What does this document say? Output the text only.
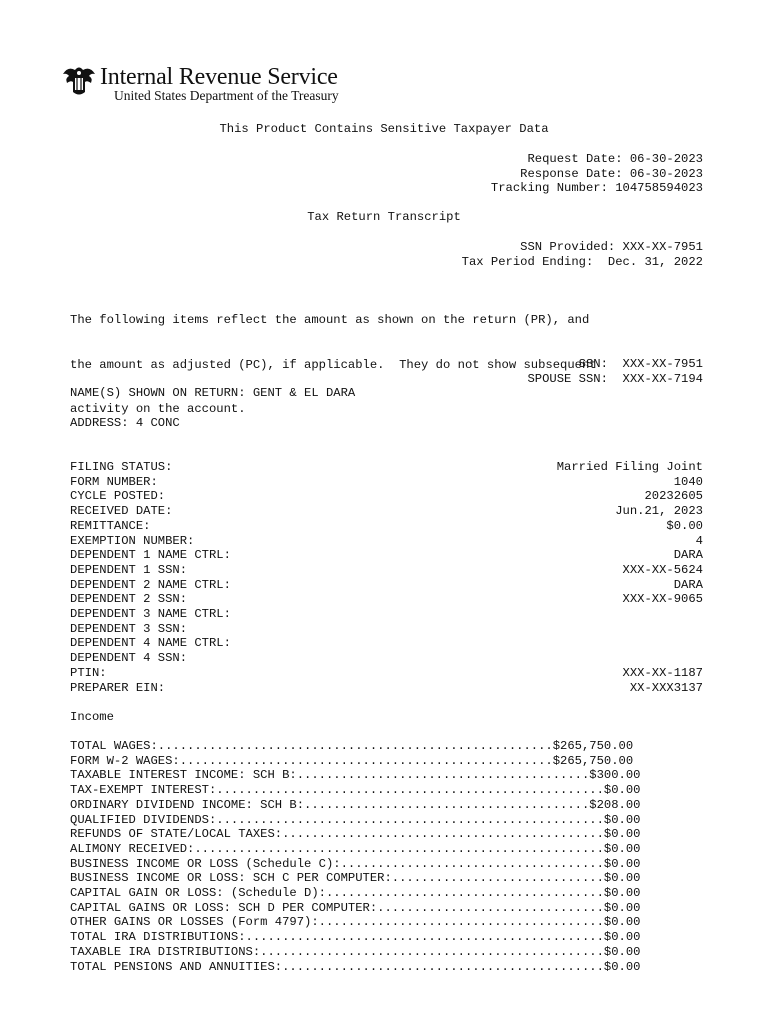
Internal Revenue Service
United States Department of the Treasury
This Product Contains Sensitive Taxpayer Data
Request Date: 06-30-2023
Response Date: 06-30-2023
Tracking Number: 104758594023
Tax Return Transcript
SSN Provided: XXX-XX-7951
Tax Period Ending:  Dec. 31, 2022

The following items reflect the amount as shown on the return (PR), and

the amount as adjusted (PC), if applicable.  They do not show subsequent

activity on the account.

SSN:  XXX-XX-7951
SPOUSE SSN:  XXX-XX-7194
NAME(S) SHOWN ON RETURN: GENT & EL DARA
ADDRESS: 4 CONC
FILING STATUS:	Married Filing Joint
FORM NUMBER:	1040
CYCLE POSTED:	20232605
RECEIVED DATE:	Jun.21, 2023
REMITTANCE:	$0.00
EXEMPTION NUMBER:	4
DEPENDENT 1 NAME CTRL:	DARA
DEPENDENT 1 SSN:	XXX-XX-5624
DEPENDENT 2 NAME CTRL:	DARA
DEPENDENT 2 SSN:	XXX-XX-9065
DEPENDENT 3 NAME CTRL:
DEPENDENT 3 SSN:
DEPENDENT 4 NAME CTRL:
DEPENDENT 4 SSN:
PTIN:	XXX-XX-1187
PREPARER EIN:	XX-XXX3137
Income
TOTAL WAGES:......................................................$265,750.00
FORM W-2 WAGES:...................................................$265,750.00
TAXABLE INTEREST INCOME: SCH B:........................................$300.00
TAX-EXEMPT INTEREST:.....................................................$0.00
ORDINARY DIVIDEND INCOME: SCH B:.......................................$208.00
QUALIFIED DIVIDENDS:.....................................................$0.00
REFUNDS OF STATE/LOCAL TAXES:............................................$0.00
ALIMONY RECEIVED:........................................................$0.00
BUSINESS INCOME OR LOSS (Schedule C):....................................$0.00
BUSINESS INCOME OR LOSS: SCH C PER COMPUTER:.............................$0.00
CAPITAL GAIN OR LOSS: (Schedule D):......................................$0.00
CAPITAL GAINS OR LOSS: SCH D PER COMPUTER:...............................$0.00
OTHER GAINS OR LOSSES (Form 4797):.......................................$0.00
TOTAL IRA DISTRIBUTIONS:.................................................$0.00
TAXABLE IRA DISTRIBUTIONS:...............................................$0.00
TOTAL PENSIONS AND ANNUITIES:............................................$0.00
